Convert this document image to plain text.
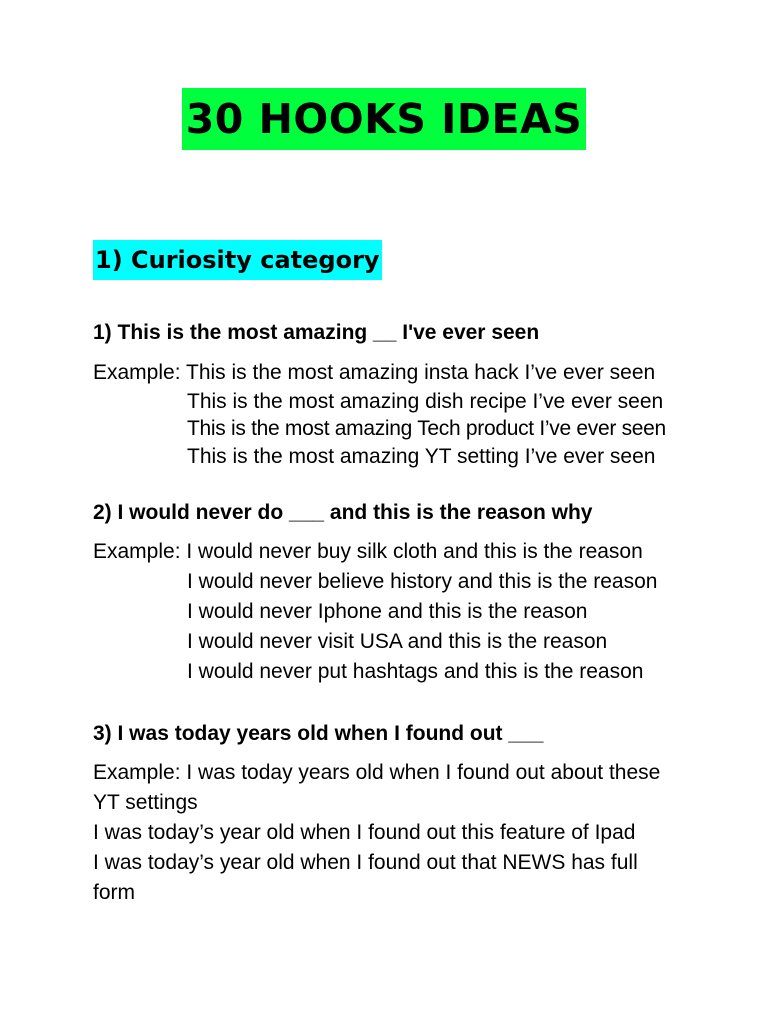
30 HOOKS IDEAS
1) Curiosity category
1) This is the most amazing __ I've ever seen
Example: This is the most amazing insta hack I’ve ever seen
This is the most amazing dish recipe I’ve ever seen
This is the most amazing Tech product I’ve ever seen
This is the most amazing YT setting I’ve ever seen
2) I would never do ___ and this is the reason why
Example: I would never buy silk cloth and this is the reason
I would never believe history and this is the reason
I would never Iphone and this is the reason
I would never visit USA and this is the reason
I would never put hashtags and this is the reason
3) I was today years old when I found out ___
Example: I was today years old when I found out about these
YT settings
I was today’s year old when I found out this feature of Ipad
I was today’s year old when I found out that NEWS has full
form
